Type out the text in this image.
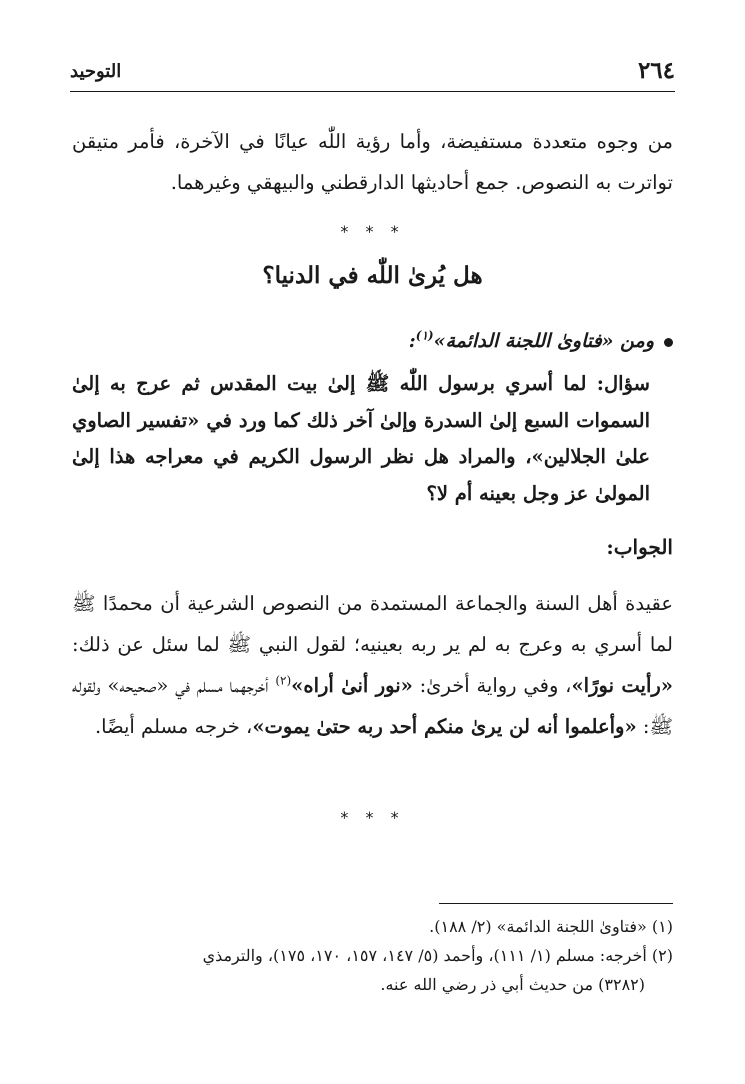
٢٦٤
التوحيد

من وجوه متعددة مستفيضة، وأما رؤية اللّٰه عيانًا في الآخرة، فأمر متيقن تواترت به النصوص. جمع أحاديثها الدارقطني والبيهقي وغيرهما.

* * *
هل يُرىٰ اللّٰه في الدنيا؟
ومن «فتاوىٰ اللجنة الدائمة»$^{(١)}$:

سؤال: لما أسري برسول اللّٰه ﷺ إلىٰ بيت المقدس ثم عرج به إلىٰ السموات السبع إلىٰ السدرة وإلىٰ آخر ذلك كما ورد في «تفسير الصاوي علىٰ الجلالين»، والمراد هل نظر الرسول الكريم في معراجه هذا إلىٰ المولىٰ عز وجل بعينه أم لا؟

الجواب:

عقيدة أهل السنة والجماعة المستمدة من النصوص الشرعية أن محمدًا ﷺ لما أسري به وعرج به لم ير ربه بعينيه؛ لقول النبي ﷺ لما سئل عن ذلك: «رأيت نورًا»، وفي رواية أخرىٰ: «نور أنىٰ أراه»$^{(٢)}$ أخرجهما مسلم في «صحيحه» ولقوله ﷺ: «وأعلموا أنه لن يرىٰ منكم أحد ربه حتىٰ يموت»، خرجه مسلم أيضًا.

* * *
(١) «فتاوىٰ اللجنة الدائمة» (٢/ ١٨٨).
(٢) أخرجه: مسلم (١/ ١١١)، وأحمد (٥/ ١٤٧، ١٥٧، ١٧٠، ١٧٥)، والترمذي
(٣٢٨٢) من حديث أبي ذر رضي الله عنه.
